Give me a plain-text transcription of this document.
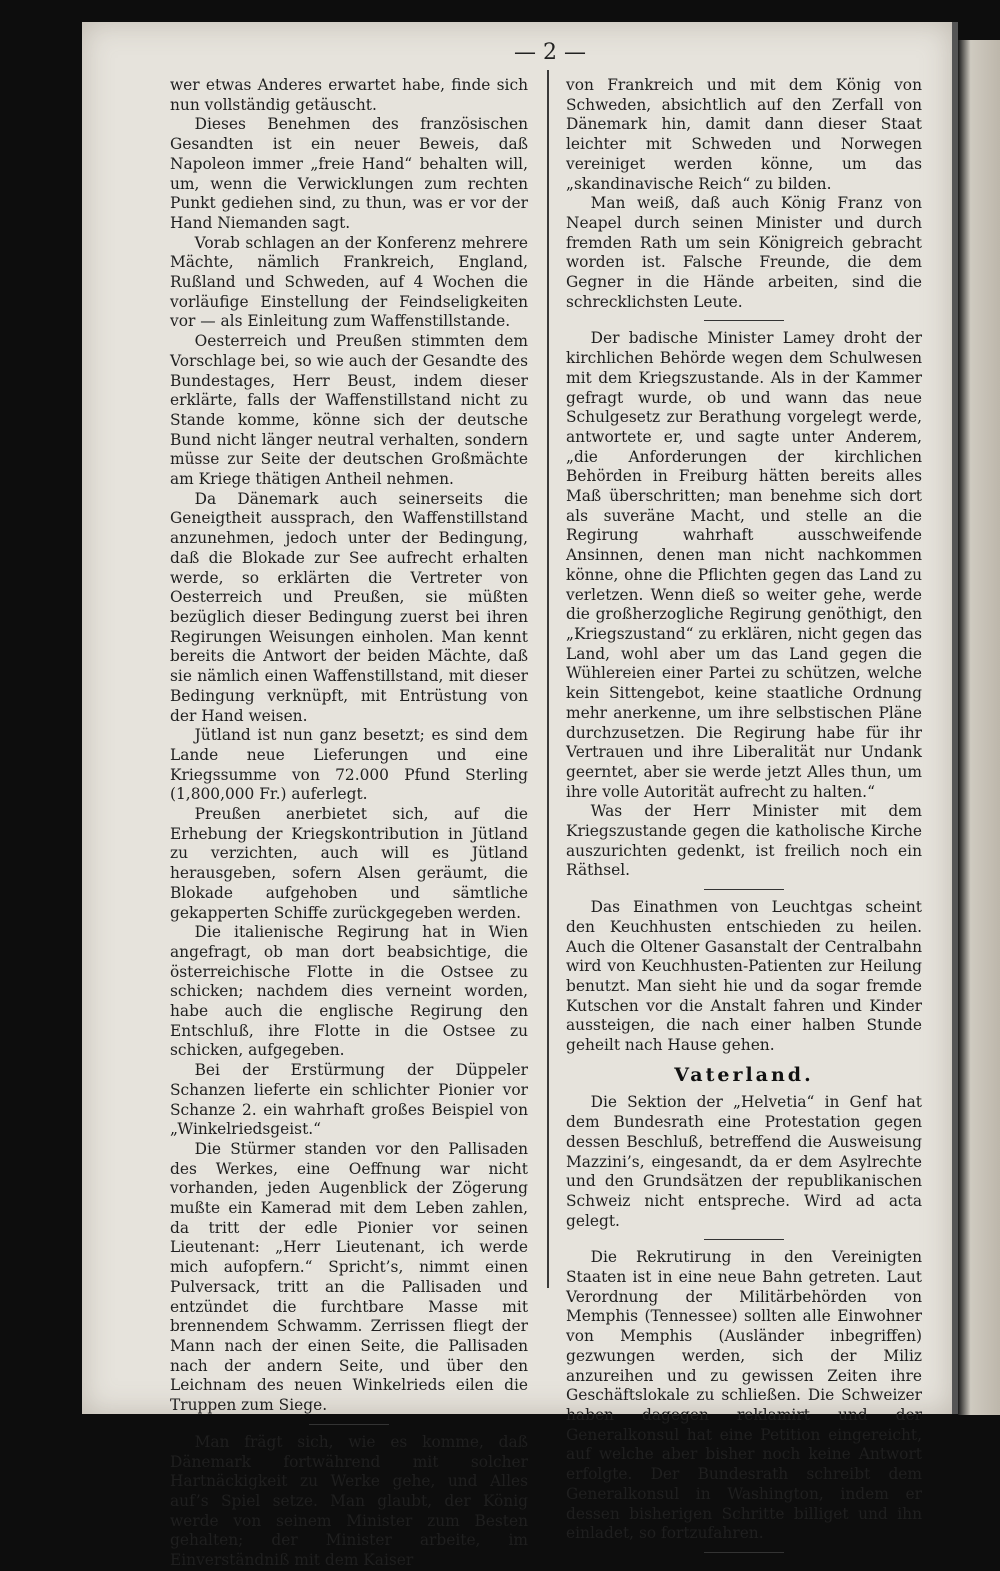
— 2 —

wer etwas Anderes erwartet habe, finde sich nun vollständig getäuscht.

Dieses Benehmen des französischen Gesandten ist ein neuer Beweis, daß Napoleon immer „freie Hand“ behalten will, um, wenn die Verwicklungen zum rechten Punkt gediehen sind, zu thun, was er vor der Hand Niemanden sagt.

Vorab schlagen an der Konferenz mehrere Mächte, nämlich Frankreich, England, Rußland und Schweden, auf 4 Wochen die vorläufige Einstellung der Feindseligkeiten vor — als Einleitung zum Waffenstillstande.

Oesterreich und Preußen stimmten dem Vorschlage bei, so wie auch der Gesandte des Bundestages, Herr Beust, indem dieser erklärte, falls der Waffenstillstand nicht zu Stande komme, könne sich der deutsche Bund nicht länger neutral verhalten, sondern müsse zur Seite der deutschen Großmächte am Kriege thätigen Antheil nehmen.

Da Dänemark auch seinerseits die Geneigtheit aussprach, den Waffenstillstand anzunehmen, jedoch unter der Bedingung, daß die Blokade zur See aufrecht erhalten werde, so erklärten die Vertreter von Oesterreich und Preußen, sie müßten bezüglich dieser Bedingung zuerst bei ihren Regirungen Weisungen einholen. Man kennt bereits die Antwort der beiden Mächte, daß sie nämlich einen Waffenstillstand, mit dieser Bedingung verknüpft, mit Entrüstung von der Hand weisen.

Jütland ist nun ganz besetzt; es sind dem Lande neue Lieferungen und eine Kriegssumme von 72.000 Pfund Sterling (1,800,000 Fr.) auferlegt.

Preußen anerbietet sich, auf die Erhebung der Kriegskontribution in Jütland zu verzichten, auch will es Jütland herausgeben, sofern Alsen geräumt, die Blokade aufgehoben und sämtliche gekapperten Schiffe zurückgegeben werden.

Die italienische Regirung hat in Wien angefragt, ob man dort beabsichtige, die österreichische Flotte in die Ostsee zu schicken; nachdem dies verneint worden, habe auch die englische Regirung den Entschluß, ihre Flotte in die Ostsee zu schicken, aufgegeben.

Bei der Erstürmung der Düppeler Schanzen lieferte ein schlichter Pionier vor Schanze 2. ein wahrhaft großes Beispiel von „Winkelriedsgeist.“

Die Stürmer standen vor den Pallisaden des Werkes, eine Oeffnung war nicht vorhanden, jeden Augenblick der Zögerung mußte ein Kamerad mit dem Leben zahlen, da tritt der edle Pionier vor seinen Lieutenant: „Herr Lieutenant, ich werde mich aufopfern.“ Spricht’s, nimmt einen Pulversack, tritt an die Pallisaden und entzündet die furchtbare Masse mit brennendem Schwamm. Zerrissen fliegt der Mann nach der einen Seite, die Pallisaden nach der andern Seite, und über den Leichnam des neuen Winkelrieds eilen die Truppen zum Siege.

Man frägt sich, wie es komme, daß Dänemark fortwährend mit solcher Hartnäckigkeit zu Werke gehe, und Alles auf’s Spiel setze. Man glaubt, der König werde von seinem Minister zum Besten gehalten; der Minister arbeite, im Einverständniß mit dem Kaiser

von Frankreich und mit dem König von Schweden, absichtlich auf den Zerfall von Dänemark hin, damit dann dieser Staat leichter mit Schweden und Norwegen vereiniget werden könne, um das „skandinavische Reich“ zu bilden.

Man weiß, daß auch König Franz von Neapel durch seinen Minister und durch fremden Rath um sein Königreich gebracht worden ist. Falsche Freunde, die dem Gegner in die Hände arbeiten, sind die schrecklichsten Leute.

Der badische Minister Lamey droht der kirchlichen Behörde wegen dem Schulwesen mit dem Kriegszustande. Als in der Kammer gefragt wurde, ob und wann das neue Schulgesetz zur Berathung vorgelegt werde, antwortete er, und sagte unter Anderem, „die Anforderungen der kirchlichen Behörden in Freiburg hätten bereits alles Maß überschritten; man benehme sich dort als suveräne Macht, und stelle an die Regirung wahrhaft ausschweifende Ansinnen, denen man nicht nachkommen könne, ohne die Pflichten gegen das Land zu verletzen. Wenn dieß so weiter gehe, werde die großherzogliche Regirung genöthigt, den „Kriegszustand“ zu erklären, nicht gegen das Land, wohl aber um das Land gegen die Wühlereien einer Partei zu schützen, welche kein Sittengebot, keine staatliche Ordnung mehr anerkenne, um ihre selbstischen Pläne durchzusetzen. Die Regirung habe für ihr Vertrauen und ihre Liberalität nur Undank geerntet, aber sie werde jetzt Alles thun, um ihre volle Autorität aufrecht zu halten.“

Was der Herr Minister mit dem Kriegszustande gegen die katholische Kirche auszurichten gedenkt, ist freilich noch ein Räthsel.

Das Einathmen von Leuchtgas scheint den Keuchhusten entschieden zu heilen. Auch die Oltener Gasanstalt der Centralbahn wird von Keuchhusten-Patienten zur Heilung benutzt. Man sieht hie und da sogar fremde Kutschen vor die Anstalt fahren und Kinder aussteigen, die nach einer halben Stunde geheilt nach Hause gehen.

Vaterland.

Die Sektion der „Helvetia“ in Genf hat dem Bundesrath eine Protestation gegen dessen Beschluß, betreffend die Ausweisung Mazzini’s, eingesandt, da er dem Asylrechte und den Grundsätzen der republikanischen Schweiz nicht entspreche. Wird ad acta gelegt.

Die Rekrutirung in den Vereinigten Staaten ist in eine neue Bahn getreten. Laut Verordnung der Militärbehörden von Memphis (Tennessee) sollten alle Einwohner von Memphis (Ausländer inbegriffen) gezwungen werden, sich der Miliz anzureihen und zu gewissen Zeiten ihre Geschäftslokale zu schließen. Die Schweizer haben dagegen reklamirt und der Generalkonsul hat eine Petition eingereicht, auf welche aber bisher noch keine Antwort erfolgte. Der Bundesrath schreibt dem Generalkonsul in Washington, indem er dessen bisherigen Schritte billiget und ihn einladet, so fortzufahren.
